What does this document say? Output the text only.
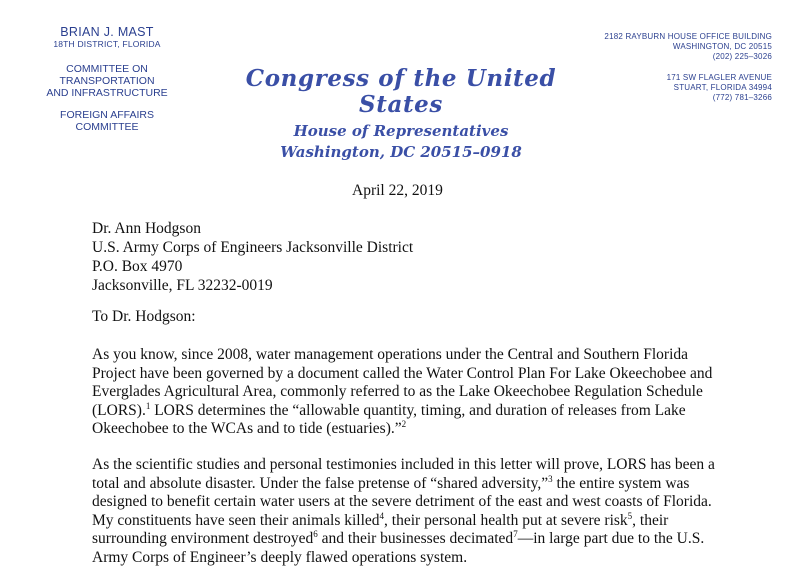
BRIAN J. MAST
18TH DISTRICT, FLORIDA
COMMITTEE ON TRANSPORTATION
AND INFRASTRUCTURE
FOREIGN AFFAIRS
COMMITTEE
Congress of the United States
House of Representatives
Washington, DC 20515–0918
2182 RAYBURN HOUSE OFFICE BUILDING
WASHINGTON, DC 20515
(202) 225–3026
171 SW FLAGLER AVENUE
STUART, FLORIDA 34994
(772) 781–3266
April 22, 2019
Dr. Ann Hodgson
U.S. Army Corps of Engineers Jacksonville District
P.O. Box 4970
Jacksonville, FL 32232-0019
To Dr. Hodgson:

As you know, since 2008, water management operations under the Central and Southern Florida Project have been governed by a document called the Water Control Plan For Lake Okeechobee and Everglades Agricultural Area, commonly referred to as the Lake Okeechobee Regulation Schedule (LORS).$^1$ LORS determines the “allowable quantity, timing, and duration of releases from Lake Okeechobee to the WCAs and to tide (estuaries).”$^2$

As the scientific studies and personal testimonies included in this letter will prove, LORS has been a total and absolute disaster. Under the false pretense of “shared adversity,”$^3$ the entire system was designed to benefit certain water users at the severe detriment of the east and west coasts of Florida. My constituents have seen their animals killed$^4$, their personal health put at severe risk$^5$, their surrounding environment destroyed$^6$ and their businesses decimated$^7$—in large part due to the U.S. Army Corps of Engineer’s deeply flawed operations system.
